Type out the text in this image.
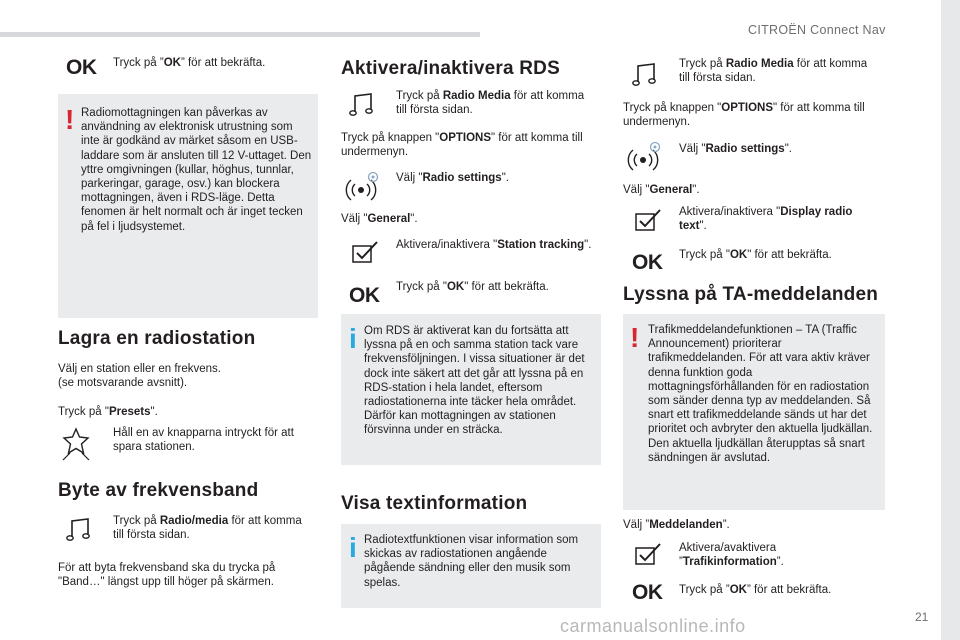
CITROËN Connect Nav
21
carmanualsonline.info
OK Tryck på ”OK” för att bekräfta.

! Radiomottagningen kan påverkas av användning av elektronisk utrustning som inte är godkänd av märket såsom en USB-laddare som är ansluten till 12 V-uttaget. Den yttre omgivningen (kullar, höghus, tunnlar, parkeringar, garage, osv.) kan blockera mottagningen, även i RDS-läge. Detta fenomen är helt normalt och är inget tecken på fel i ljudsystemet.

Lagra en radiostation

Välj en station eller en frekvens.
(se motsvarande avsnitt).

Tryck på "Presets".

Håll en av knapparna intryckt för att spara stationen.

Byte av frekvensband

Tryck på Radio/media för att komma till första sidan.

För att byta frekvensband ska du trycka på "Band…" längst upp till höger på skärmen.

Aktivera/inaktivera RDS

Tryck på Radio Media för att komma till första sidan.

Tryck på knappen "OPTIONS" för att komma till undermenyn.

Välj "Radio settings".

Välj "General".

Aktivera/inaktivera "Station tracking".

OK Tryck på "OK" för att bekräfta.

i Om RDS är aktiverat kan du fortsätta att lyssna på en och samma station tack vare frekvensföljningen. I vissa situationer är det dock inte säkert att det går att lyssna på en RDS-station i hela landet, eftersom radiostationerna inte täcker hela området. Därför kan mottagningen av stationen försvinna under en sträcka.

Visa textinformation
i Radiotextfunktionen visar information som skickas av radiostationen angående pågående sändning eller den musik som spelas.

Tryck på Radio Media för att komma till första sidan.

Tryck på knappen "OPTIONS" för att komma till undermenyn.

Välj "Radio settings".

Välj "General".

Aktivera/inaktivera "Display radio text".

OK Tryck på "OK" för att bekräfta.

Lyssna på TA-meddelanden
! Trafikmeddelandefunktionen – TA (Traffic Announcement) prioriterar trafikmeddelanden. För att vara aktiv kräver denna funktion goda mottagningsförhållanden för en radiostation som sänder denna typ av meddelanden. Så snart ett trafikmeddelande sänds ut har det prioritet och avbryter den aktuella ljudkällan. Den aktuella ljudkällan återupptas så snart sändningen är avslutad.

Välj ”Meddelanden”.

Aktivera/avaktivera ”Trafikinformation”.

OK Tryck på ”OK” för att bekräfta.
